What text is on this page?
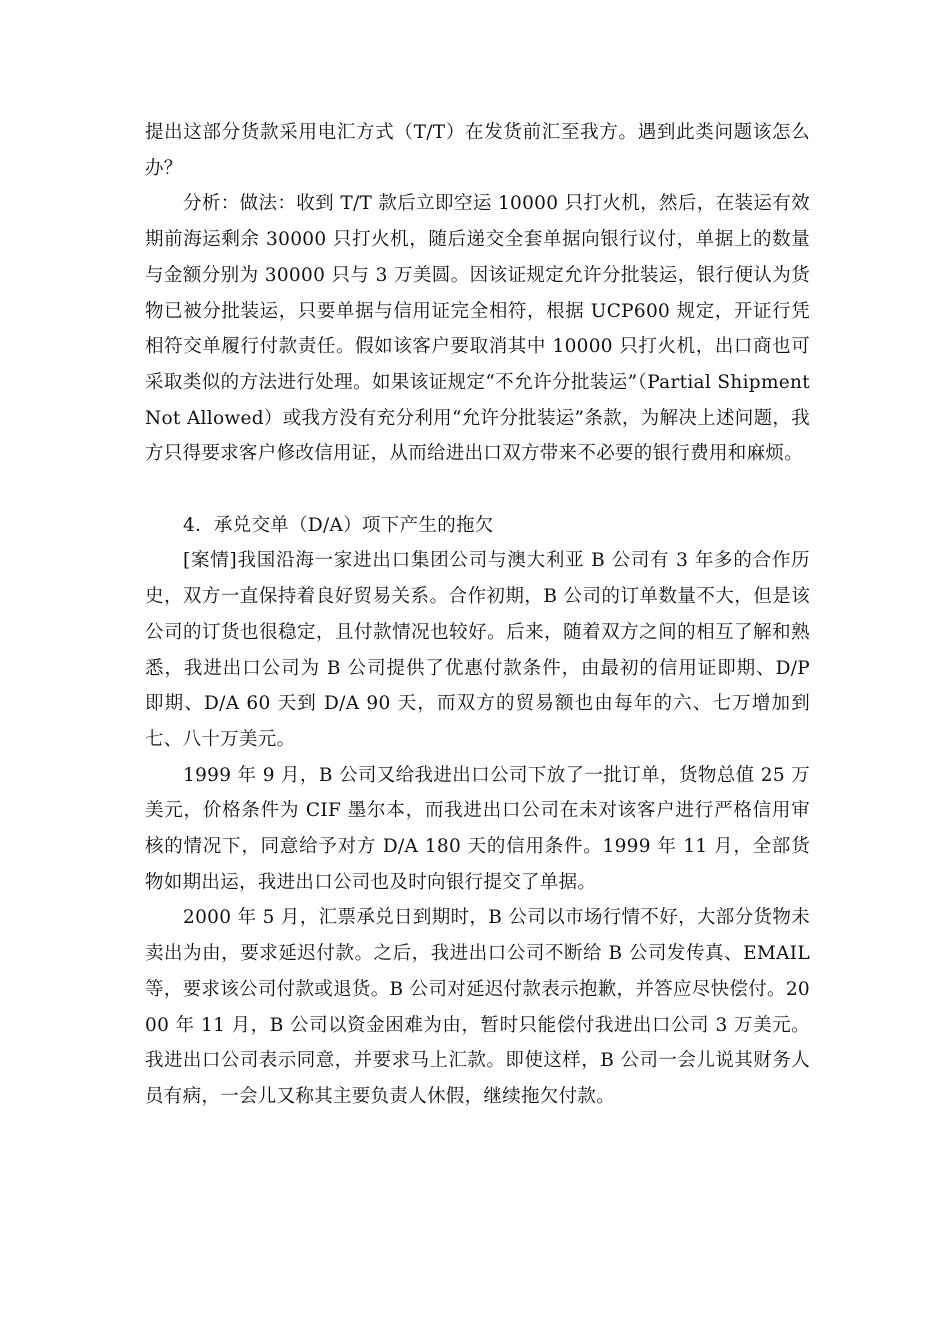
提出这部分货款采用电汇方式（T/T）在发货前汇至我方。遇到此类问题该怎么办？

分析：做法：收到 T/T 款后立即空运 10000 只打火机，然后，在装运有效期前海运剩余 30000 只打火机，随后递交全套单据向银行议付，单据上的数量与金额分别为 30000 只与 3 万美圆。因该证规定允许分批装运，银行便认为货物已被分批装运，只要单据与信用证完全相符，根据 UCP600 规定，开证行凭相符交单履行付款责任。假如该客户要取消其中 10000 只打火机，出口商也可采取类似的方法进行处理。如果该证规定“不允许分批装运”（Partial Shipment Not Allowed）或我方没有充分利用“允许分批装运”条款，为解决上述问题，我方只得要求客户修改信用证，从而给进出口双方带来不必要的银行费用和麻烦。

4．承兑交单（D/A）项下产生的拖欠

[案情]我国沿海一家进出口集团公司与澳大利亚 B 公司有 3 年多的合作历史，双方一直保持着良好贸易关系。合作初期，B 公司的订单数量不大，但是该公司的订货也很稳定，且付款情况也较好。后来，随着双方之间的相互了解和熟悉，我进出口公司为 B 公司提供了优惠付款条件，由最初的信用证即期、D/P 即期、D/A 60 天到 D/A 90 天，而双方的贸易额也由每年的六、七万增加到七、八十万美元。

1999 年 9 月，B 公司又给我进出口公司下放了一批订单，货物总值 25 万美元，价格条件为 CIF 墨尔本，而我进出口公司在未对该客户进行严格信用审核的情况下，同意给予对方 D/A 180 天的信用条件。1999 年 11 月，全部货物如期出运，我进出口公司也及时向银行提交了单据。

2000 年 5 月，汇票承兑日到期时，B 公司以市场行情不好，大部分货物未卖出为由，要求延迟付款。之后，我进出口公司不断给 B 公司发传真、EMAIL 等，要求该公司付款或退货。B 公司对延迟付款表示抱歉，并答应尽快偿付。2000 年 11 月，B 公司以资金困难为由，暂时只能偿付我进出口公司 3 万美元。我进出口公司表示同意，并要求马上汇款。即使这样，B 公司一会儿说其财务人员有病，一会儿又称其主要负责人休假，继续拖欠付款。
